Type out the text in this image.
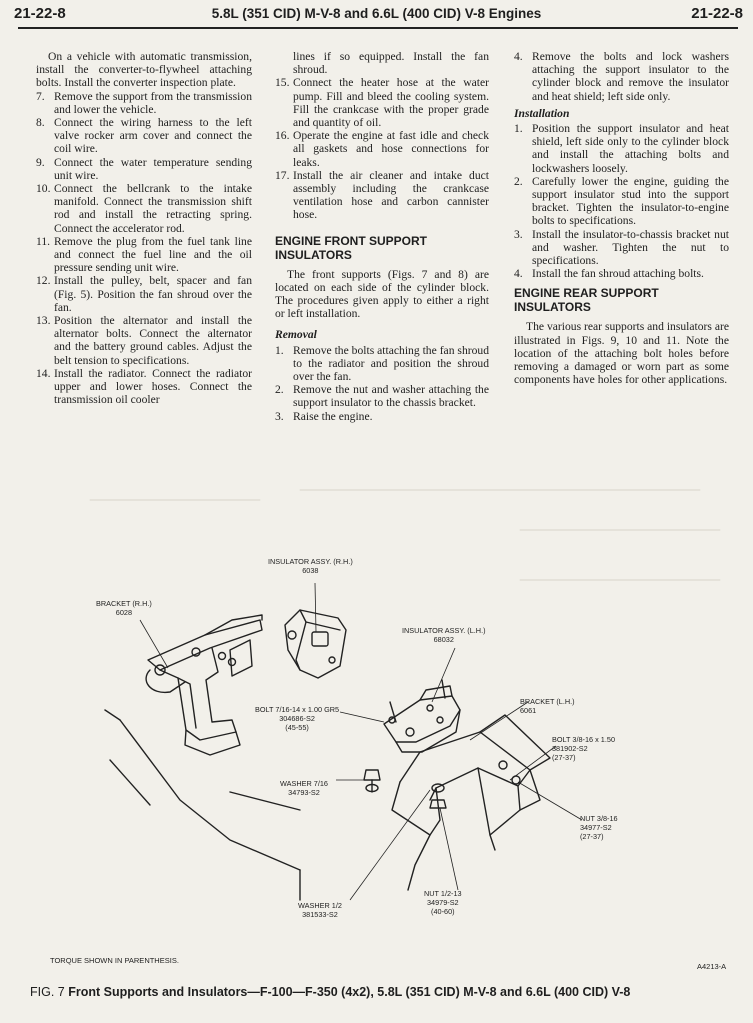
21-22-8	5.8L (351 CID) M-V-8 and 6.6L (400 CID) V-8 Engines	21-22-8

On a vehicle with automatic transmission, install the converter-to-flywheel attaching bolts. Install the converter inspection plate.

7. Remove the support from the transmission and lower the vehicle.

8. Connect the wiring harness to the left valve rocker arm cover and connect the coil wire.

9. Connect the water temperature sending unit wire.

10. Connect the bellcrank to the intake manifold. Connect the transmission shift rod and install the retracting spring. Connect the accelerator rod.

11. Remove the plug from the fuel tank line and connect the fuel line and the oil pressure sending unit wire.

12. Install the pulley, belt, spacer and fan (Fig. 5). Position the fan shroud over the fan.

13. Position the alternator and install the alternator bolts. Connect the alternator and the battery ground cables. Adjust the belt tension to specifications.

14. Install the radiator. Connect the radiator upper and lower hoses. Connect the transmission oil cooler

lines if so equipped. Install the fan shroud.

15. Connect the heater hose at the water pump. Fill and bleed the cooling system. Fill the crankcase with the proper grade and quantity of oil.

16. Operate the engine at fast idle and check all gaskets and hose connections for leaks.

17. Install the air cleaner and intake duct assembly including the crankcase ventilation hose and carbon cannister hose.

ENGINE FRONT SUPPORT INSULATORS

The front supports (Figs. 7 and 8) are located on each side of the cylinder block. The procedures given apply to either a right or left installation.

Removal

1. Remove the bolts attaching the fan shroud to the radiator and position the shroud over the fan.

2. Remove the nut and washer attaching the support insulator to the chassis bracket.

3. Raise the engine.

4. Remove the bolts and lock washers attaching the support insulator to the cylinder block and remove the insulator and heat shield; left side only.

Installation

1. Position the support insulator and heat shield, left side only to the cylinder block and install the attaching bolts and lockwashers loosely.

2. Carefully lower the engine, guiding the support insulator stud into the support bracket. Tighten the insulator-to-engine bolts to specifications.

3. Install the insulator-to-chassis bracket nut and washer. Tighten the nut to specifications.

4. Install the fan shroud attaching bolts.

ENGINE REAR SUPPORT INSULATORS

The various rear supports and insulators are illustrated in Figs. 9, 10 and 11. Note the location of the attaching bolt holes before removing a damaged or worn part as some components have holes for other applications.

INSULATOR ASSY. (R.H.)
6038
BRACKET (R.H.)
6028
INSULATOR ASSY. (L.H.)
68032
BOLT 7/16-14 x 1.00 GR5
304686-S2
(45-55)
BRACKET (L.H.)
6061
BOLT 3/8-16 x 1.50
381902-S2
(27-37)
WASHER 7/16
34793-S2
NUT 3/8-16
34977-S2
(27-37)
WASHER 1/2
381533-S2
NUT 1/2-13
34979-S2
(40-60)
TORQUE SHOWN IN PARENTHESIS.
A4213-A
FIG. 7 Front Supports and Insulators—F-100—F-350 (4x2), 5.8L (351 CID) M-V-8 and 6.6L (400 CID) V-8
